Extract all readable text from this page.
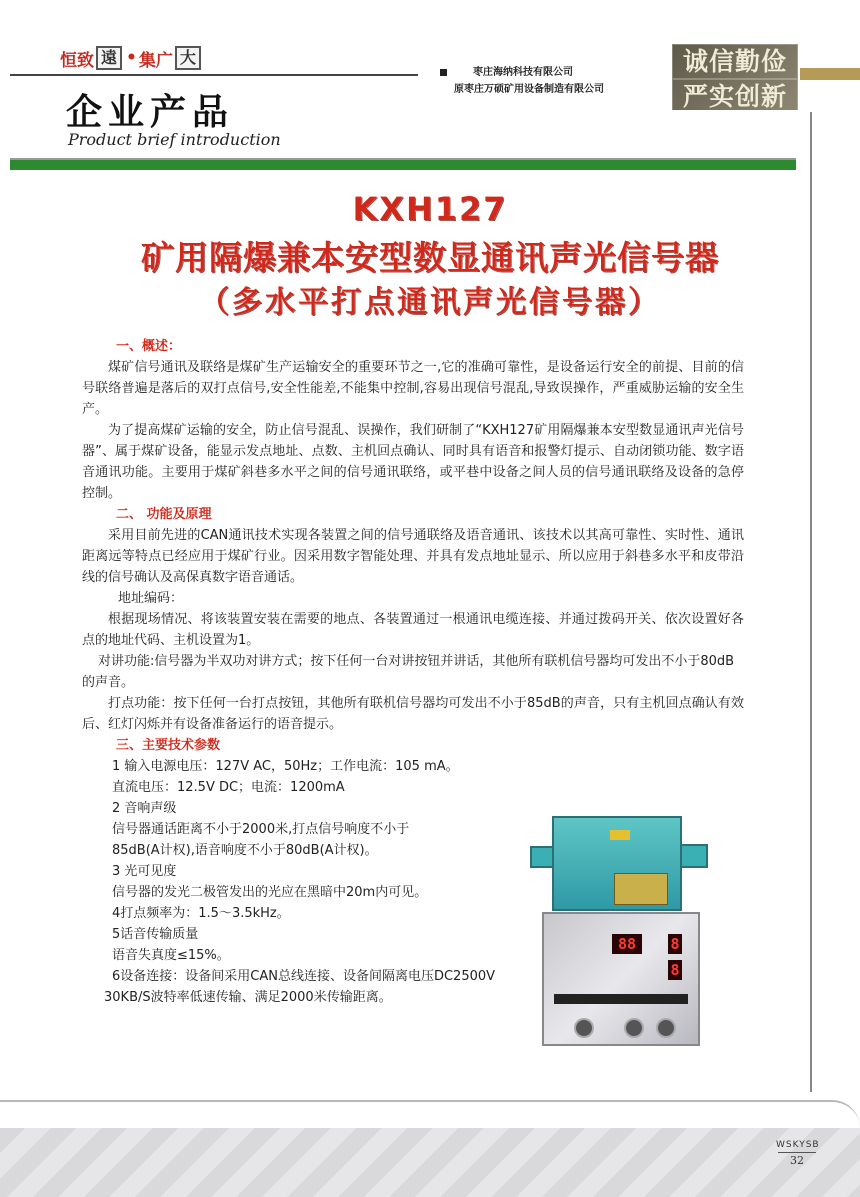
恒致 遠 • 集广 大
枣庄海纳科技有限公司
原枣庄万硕矿用设备制造有限公司
诚信勤俭
严实创新
企业产品
Product brief introduction
KXH127
矿用隔爆兼本安型数显通讯声光信号器
（多水平打点通讯声光信号器）
一、概述：

煤矿信号通讯及联络是煤矿生产运输安全的重要环节之一,它的准确可靠性，是设备运行安全的前提、目前的信号联络普遍是落后的双打点信号,安全性能差,不能集中控制,容易出现信号混乱,导致误操作，严重威胁运输的安全生产。

为了提高煤矿运输的安全，防止信号混乱、误操作，我们研制了“KXH127矿用隔爆兼本安型数显通讯声光信号器”、属于煤矿设备，能显示发点地址、点数、主机回点确认、同时具有语音和报警灯提示、自动闭锁功能、数字语音通讯功能。主要用于煤矿斜巷多水平之间的信号通讯联络，或平巷中设备之间人员的信号通讯联络及设备的急停控制。

二、 功能及原理

采用目前先进的CAN通讯技术实现各装置之间的信号通联络及语音通讯、该技术以其高可靠性、实时性、通讯距离远等特点已经应用于煤矿行业。因采用数字智能处理、并具有发点地址显示、所以应用于斜巷多水平和皮带沿线的信号确认及高保真数字语音通话。

地址编码：

根据现场情况、将该装置安装在需要的地点、各装置通过一根通讯电缆连接、并通过拨码开关、依次设置好各点的地址代码、主机设置为1。

对讲功能:信号器为半双功对讲方式；按下任何一台对讲按钮并讲话，其他所有联机信号器均可发出不小于80dB的声音。

打点功能：按下任何一台打点按钮，其他所有联机信号器均可发出不小于85dB的声音，只有主机回点确认有效后、红灯闪烁并有设备准备运行的语音提示。

三、主要技术参数
1 输入电源电压：127V AC，50Hz；工作电流：105 mA。
直流电压：12.5V DC；电流：1200mA
2 音响声级
信号器通话距离不小于2000米,打点信号响度不小于
85dB(A计权),语音响度不小于80dB(A计权)。
3 光可见度
信号器的发光二极管发出的光应在黑暗中20m内可见。
4打点频率为：1.5～3.5kHz。
5话音传输质量
语音失真度≤15%。
6设备连接：设备间采用CAN总线连接、设备间隔离电压DC2500V
30KB/S波特率低速传输、满足2000米传输距离。
88	8
8
WSKYSB
32
